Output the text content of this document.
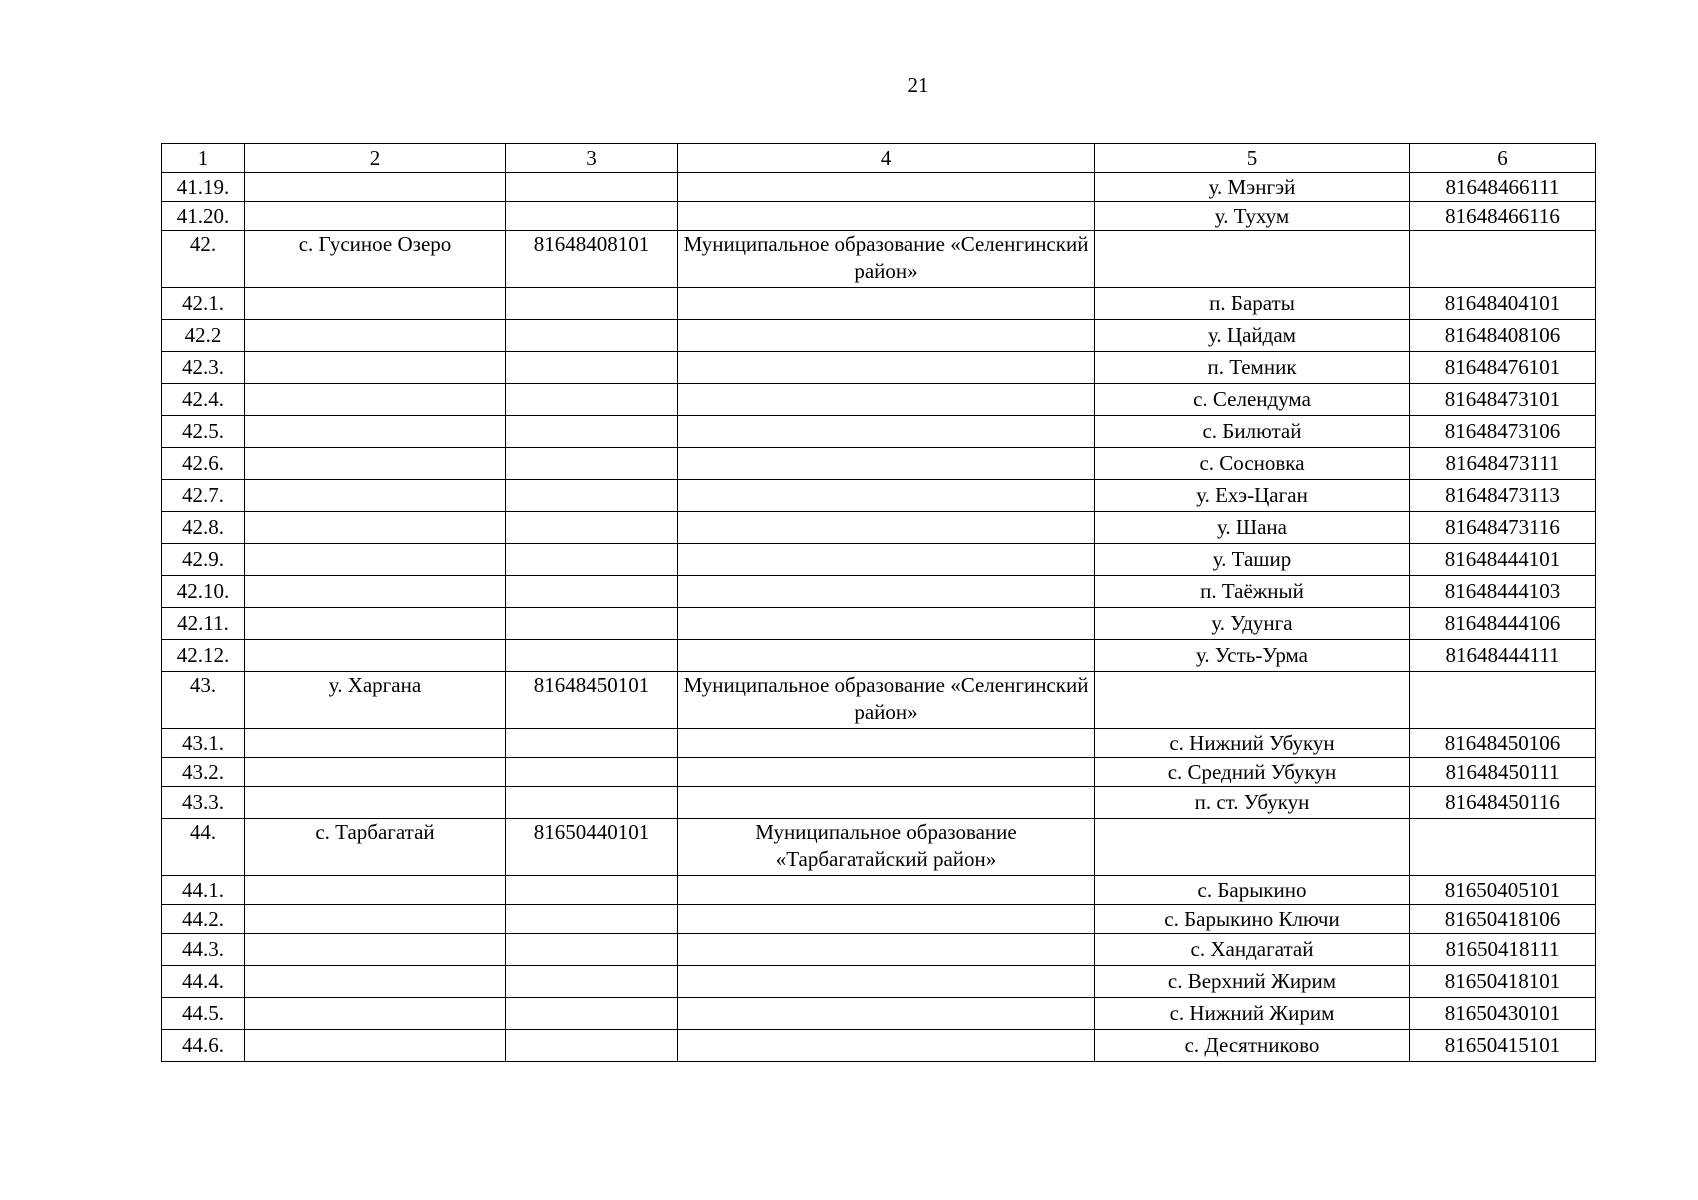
21
1	2	3	4	5	6
41.19.				у. Мэнгэй	81648466111
41.20.				у. Тухум	81648466116
42.	с. Гусиное Озеро	81648408101	Муниципальное образование «Селенгинский район»		
42.1.				п. Бараты	81648404101
42.2				у. Цайдам	81648408106
42.3.				п. Темник	81648476101
42.4.				с. Селендума	81648473101
42.5.				с. Билютай	81648473106
42.6.				с. Сосновка	81648473111
42.7.				у. Ехэ-Цаган	81648473113
42.8.				у. Шана	81648473116
42.9.				у. Ташир	81648444101
42.10.				п. Таёжный	81648444103
42.11.				у. Удунга	81648444106
42.12.				у. Усть-Урма	81648444111
43.	у. Харгана	81648450101	Муниципальное образование «Селенгинский район»		
43.1.				с. Нижний Убукун	81648450106
43.2.				с. Средний Убукун	81648450111
43.3.				п. ст. Убукун	81648450116
44.	с. Тарбагатай	81650440101	Муниципальное образование «Тарбагатайский район»		
44.1.				с. Барыкино	81650405101
44.2.				с. Барыкино Ключи	81650418106
44.3.				с. Хандагатай	81650418111
44.4.				с. Верхний Жирим	81650418101
44.5.				с. Нижний Жирим	81650430101
44.6.				с. Десятниково	81650415101
